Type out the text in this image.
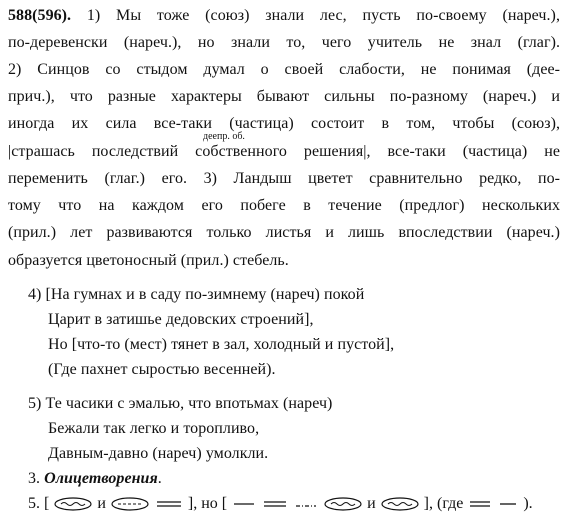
588(596). 1) Мы тоже (союз) знали лес, пусть по-своему (нареч.),
по-деревенски (нареч.), но знали то, чего учитель не знал (глаг).
2) Синцов со стыдом думал о своей слабости, не понимая (дее-
прич.), что разные характеры бывают сильны по-разному (нареч.) и
иногда их сила все-таки (частица) состоит в том, чтобы (союз),
деепр. об.
|страшась последствий собственного решения|, все-таки (частица) не
переменить (глаг.) его. 3) Ландыш цветет сравнительно редко, по-
тому что на каждом его побеге в течение (предлог) нескольких
(прил.) лет развиваются только листья и лишь впоследствии (нареч.)
образуется цветоносный (прил.) стебель.
4) [На гумнах и в саду по-зимнему (нареч) покой
Царит в затишье дедовских строений],
Но [что-то (мест) тянет в зал, холодный и пустой],
(Где пахнет сыростью весенней).
5) Те часики с эмалью, что впотьмах (нареч)
Бежали так легко и торопливо,
Давным-давно (нареч) умолкли.
3. Олицетворения.
5. [	и	], но [	и	], (где	).
